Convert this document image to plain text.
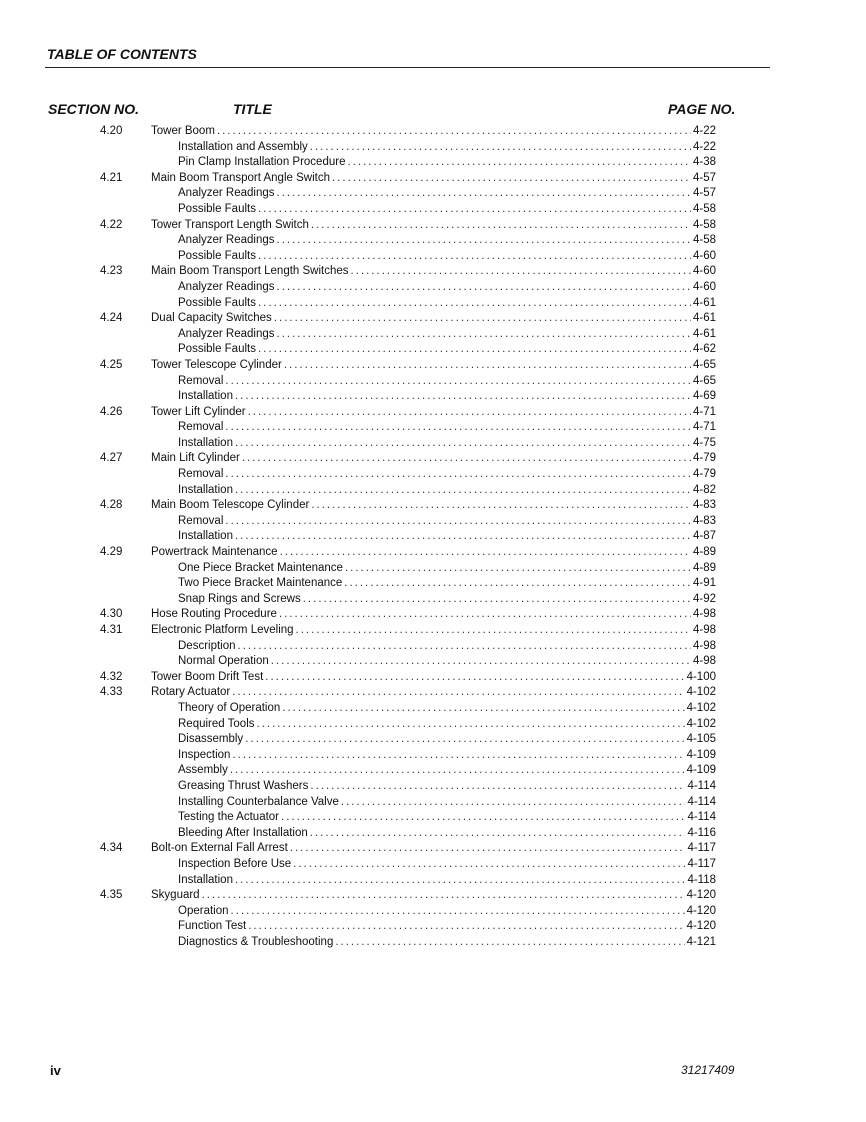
TABLE OF CONTENTS
SECTION NO.	TITLE	PAGE NO.
4.20	Tower Boom .....	4-22
Installation and Assembly .....	4-22
Pin Clamp Installation Procedure .....	4-38
4.21	Main Boom Transport Angle Switch .....	4-57
Analyzer Readings .....	4-57
Possible Faults .....	4-58
4.22	Tower Transport Length Switch .....	4-58
Analyzer Readings .....	4-58
Possible Faults .....	4-60
4.23	Main Boom Transport Length Switches .....	4-60
Analyzer Readings .....	4-60
Possible Faults .....	4-61
4.24	Dual Capacity Switches .....	4-61
Analyzer Readings .....	4-61
Possible Faults .....	4-62
4.25	Tower Telescope Cylinder .....	4-65
Removal .....	4-65
Installation .....	4-69
4.26	Tower Lift Cylinder .....	4-71
Removal .....	4-71
Installation .....	4-75
4.27	Main Lift Cylinder .....	4-79
Removal .....	4-79
Installation .....	4-82
4.28	Main Boom Telescope Cylinder .....	4-83
Removal .....	4-83
Installation .....	4-87
4.29	Powertrack Maintenance .....	4-89
One Piece Bracket Maintenance .....	4-89
Two Piece Bracket Maintenance .....	4-91
Snap Rings and Screws .....	4-92
4.30	Hose Routing Procedure .....	4-98
4.31	Electronic Platform Leveling .....	4-98
Description .....	4-98
Normal Operation .....	4-98
4.32	Tower Boom Drift Test .....	4-100
4.33	Rotary Actuator .....	4-102
Theory of Operation .....	4-102
Required Tools .....	4-102
Disassembly .....	4-105
Inspection .....	4-109
Assembly .....	4-109
Greasing Thrust Washers .....	4-114
Installing Counterbalance Valve .....	4-114
Testing the Actuator .....	4-114
Bleeding After Installation .....	4-116
4.34	Bolt-on External Fall Arrest .....	4-117
Inspection Before Use .....	4-117
Installation .....	4-118
4.35	Skyguard .....	4-120
Operation .....	4-120
Function Test .....	4-120
Diagnostics & Troubleshooting .....	4-121
iv	31217409
